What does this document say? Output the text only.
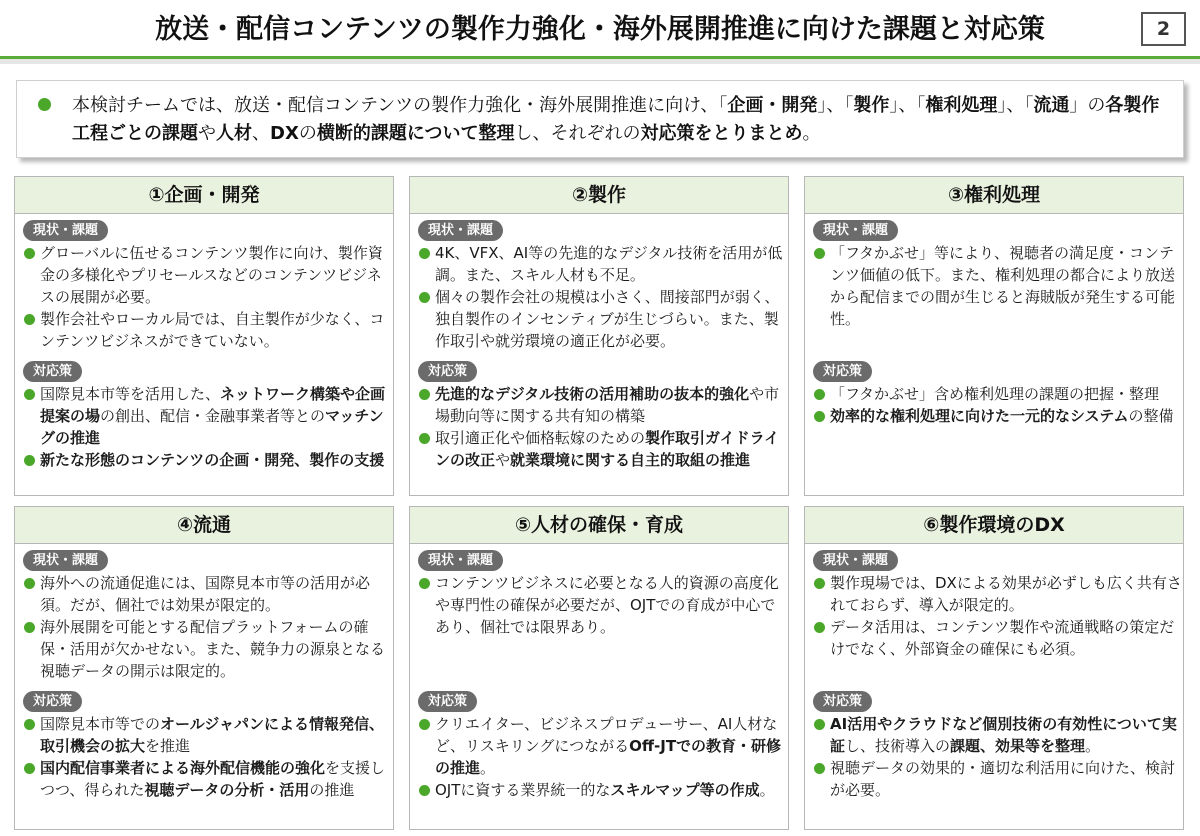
放送・配信コンテンツの製作力強化・海外展開推進に向けた課題と対応策	2
本検討チームでは、放送・配信コンテンツの製作力強化・海外展開推進に向け、「企画・開発」、「製作」、「権利処理」、「流通」の各製作工程ごとの課題や人材、DXの横断的課題について整理し、それぞれの対応策をとりまとめ。
①企画・開発
現状・課題
グローバルに伍せるコンテンツ製作に向け、製作資金の多様化やプリセールスなどのコンテンツビジネスの展開が必要。
製作会社やローカル局では、自主製作が少なく、コンテンツビジネスができていない。
対応策
国際見本市等を活用した、ネットワーク構築や企画提案の場の創出、配信・金融事業者等とのマッチングの推進
新たな形態のコンテンツの企画・開発、製作の支援
②製作
現状・課題
4K、VFX、AI等の先進的なデジタル技術を活用が低調。また、スキル人材も不足。
個々の製作会社の規模は小さく、間接部門が弱く、独自製作のインセンティブが生じづらい。また、製作取引や就労環境の適正化が必要。
対応策
先進的なデジタル技術の活用補助の抜本的強化や市場動向等に関する共有知の構築
取引適正化や価格転嫁のための製作取引ガイドラインの改正や就業環境に関する自主的取組の推進
③権利処理
現状・課題
「フタかぶせ」等により、視聴者の満足度・コンテンツ価値の低下。また、権利処理の都合により放送から配信までの間が生じると海賊版が発生する可能性。
対応策
「フタかぶせ」含め権利処理の課題の把握・整理
効率的な権利処理に向けた一元的なシステムの整備
④流通
現状・課題
海外への流通促進には、国際見本市等の活用が必須。だが、個社では効果が限定的。
海外展開を可能とする配信プラットフォームの確保・活用が欠かせない。また、競争力の源泉となる視聴データの開示は限定的。
対応策
国際見本市等でのオールジャパンによる情報発信、取引機会の拡大を推進
国内配信事業者による海外配信機能の強化を支援しつつ、得られた視聴データの分析・活用の推進
⑤人材の確保・育成
現状・課題
コンテンツビジネスに必要となる人的資源の高度化や専門性の確保が必要だが、OJTでの育成が中心であり、個社では限界あり。
対応策
クリエイター、ビジネスプロデューサー、AI人材など、リスキリングにつながるOff-JTでの教育・研修の推進。
OJTに資する業界統一的なスキルマップ等の作成。
⑥製作環境のDX
現状・課題
製作現場では、DXによる効果が必ずしも広く共有されておらず、導入が限定的。
データ活用は、コンテンツ製作や流通戦略の策定だけでなく、外部資金の確保にも必須。
対応策
AI活用やクラウドなど個別技術の有効性について実証し、技術導入の課題、効果等を整理。
視聴データの効果的・適切な利活用に向けた、検討が必要。
